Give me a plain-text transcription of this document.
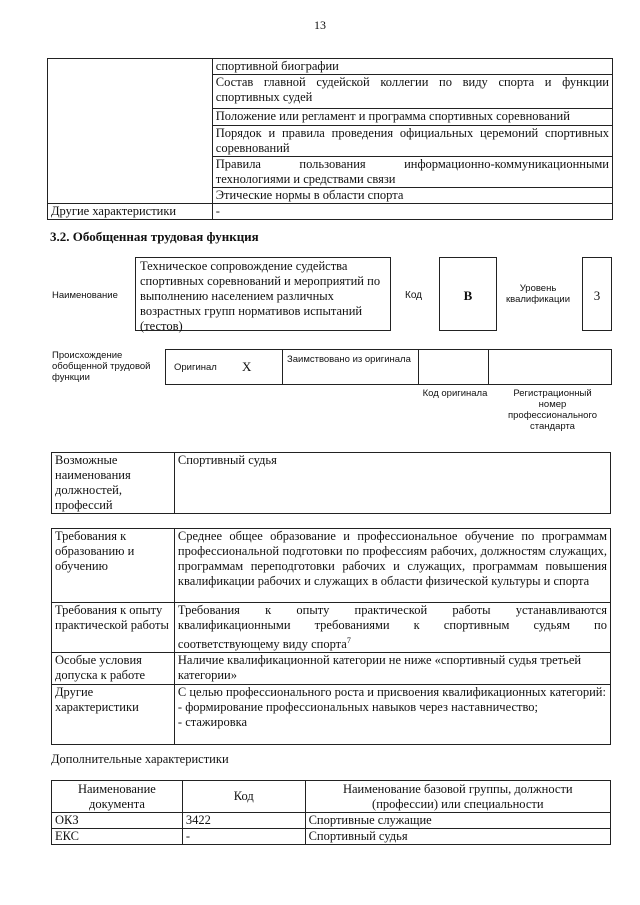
13
	спортивной биографии
	Состав главной судейской коллегии по виду спорта и функции спортивных судей
	Положение или регламент и программа спортивных соревнований
	Порядок и правила проведения официальных церемоний спортивных соревнований
	Правила пользования информационно-коммуникационными технологиями и средствами связи
	Этические нормы в области спорта
Другие характеристики	-
3.2. Обобщенная трудовая функция
Наименование
Техническое сопровождение судейства спортивных соревнований и мероприятий по выполнению населением различных возрастных групп нормативов испытаний (тестов)
Код	B	Уровень квалификации	3
Происхождение обобщенной трудовой функции
Оригинал X	Заимствовано из оригинала
Код оригинала	Регистрационный номер профессионального стандарта
Возможные наименования должностей, профессий	Спортивный судья
Требования к образованию и обучению	Среднее общее образование и профессиональное обучение по программам профессиональной подготовки по профессиям рабочих, должностям служащих, программам переподготовки рабочих и служащих, программам повышения квалификации рабочих и служащих в области физической культуры и спорта
Требования к опыту практической работы	Требования к опыту практической работы устанавливаются квалификационными требованиями к спортивным судьям по соответствующему виду спорта$^7$
Особые условия допуска к работе	Наличие квалификационной категории не ниже «спортивный судья третьей категории»
Другие характеристики	С целью профессионального роста и присвоения квалификационных категорий:
- формирование профессиональных навыков через наставничество;
- стажировка
Дополнительные характеристики
Наименование документа	Код	Наименование базовой группы, должности (профессии) или специальности
ОКЗ	3422	Спортивные служащие
ЕКС	-	Спортивный судья
